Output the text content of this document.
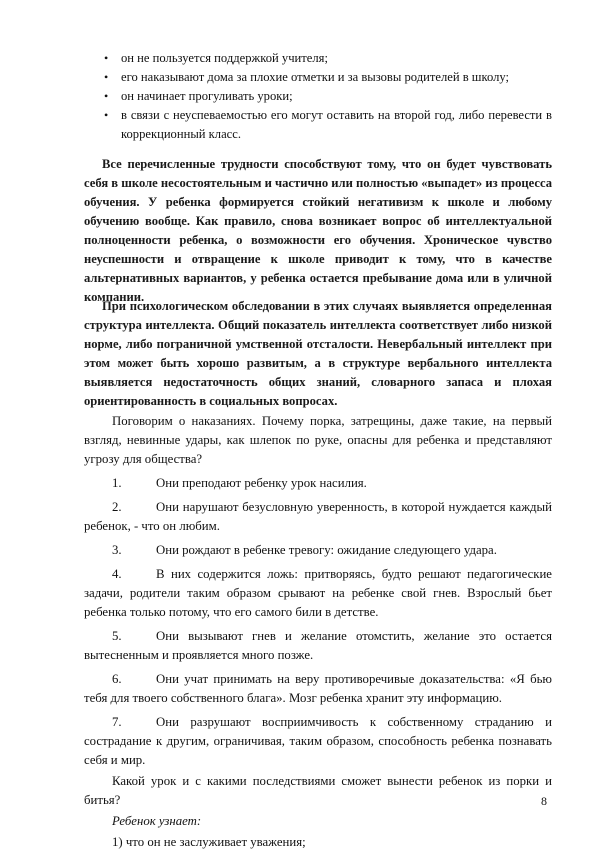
• он не пользуется поддержкой учителя;
• его наказывают дома за плохие отметки и за вызовы родителей в школу;
• он начинает прогуливать уроки;
• в связи с неуспеваемостью его могут оставить на второй год, либо перевести в коррекционный класс.

Все перечисленные трудности способствуют тому, что он будет чувствовать себя в школе несостоятельным и частично или полностью «выпадет» из процесса обучения. У ребенка формируется стойкий негативизм к школе и любому обучению вообще. Как правило, снова возникает вопрос об интеллектуальной полноценности ребенка, о возможности его обучения. Хроническое чувство неуспешности и отвращение к школе приводит к тому, что в качестве альтернативных вариантов, у ребенка остается пребывание дома или в уличной компании.

При психологическом обследовании в этих случаях выявляется определенная структура интеллекта. Общий показатель интеллекта соответствует либо низкой норме, либо пограничной умственной отсталости. Невербальный интеллект при этом может быть хорошо развитым, а в структуре вербального интеллекта выявляется недостаточность общих знаний, словарного запаса и плохая ориентированность в социальных вопросах.

Поговорим о наказаниях. Почему порка, затрещины, даже такие, на первый взгляд, невинные удары, как шлепок по руке, опасны для ребенка и представляют угрозу для общества?

1.	Они преподают ребенку урок насилия.

2.	Они нарушают безусловную уверенность, в которой нуждается каждый ребенок, - что он любим.

3.	Они рождают в ребенке тревогу: ожидание следующего удара.

4.	В них содержится ложь: притворяясь, будто решают педагогические задачи, родители таким образом срывают на ребенке свой гнев. Взрослый бьет ребенка только потому, что его самого били в детстве.

5.	Они вызывают гнев и желание отомстить, желание это остается вытесненным и проявляется много позже.

6.	Они учат принимать на веру противоречивые доказательства: «Я бью тебя для твоего собственного блага». Мозг ребенка хранит эту информацию.

7.	Они разрушают восприимчивость к собственному страданию и сострадание к другим, ограничивая, таким образом, способность ребенка познавать себя и мир.

Какой урок и с какими последствиями сможет вынести ребенок из порки и битья?

Ребенок узнает:

1) что он не заслуживает уважения;

8
